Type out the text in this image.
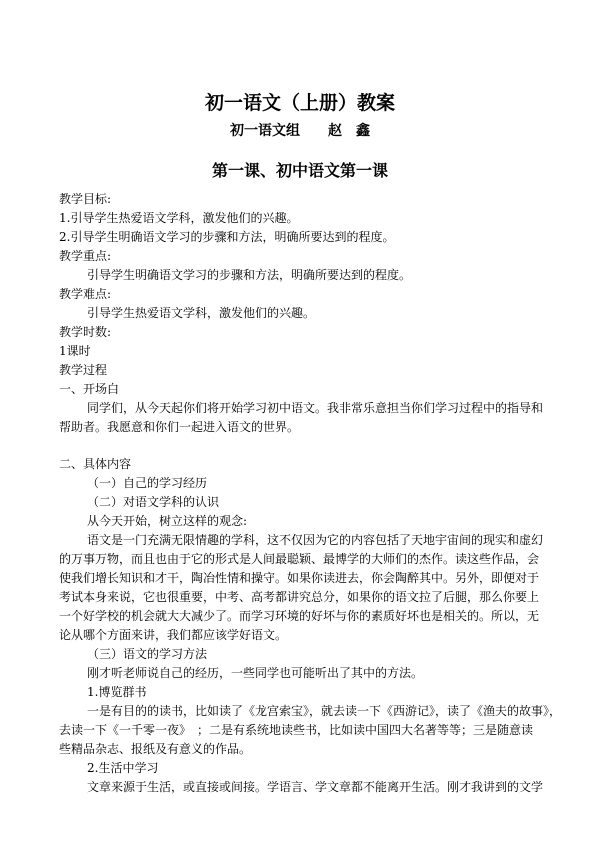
初一语文（上册）教案
初一语文组　　赵　鑫
第一课、初中语文第一课
教学目标:
1.引导学生热爱语文学科，激发他们的兴趣。
2.引导学生明确语文学习的步骤和方法，明确所要达到的程度。
教学重点:
引导学生明确语文学习的步骤和方法，明确所要达到的程度。
教学难点:
引导学生热爱语文学科，激发他们的兴趣。
教学时数:
1课时
教学过程
一、开场白
同学们，从今天起你们将开始学习初中语文。我非常乐意担当你们学习过程中的指导和
帮助者。我愿意和你们一起进入语文的世界。
二、具体内容
（一）自己的学习经历
（二）对语文学科的认识
从今天开始，树立这样的观念:
语文是一门充满无限情趣的学科，这不仅因为它的内容包括了天地宇宙间的现实和虚幻
的万事万物，而且也由于它的形式是人间最聪颖、最博学的大师们的杰作。读这些作品，会
使我们增长知识和才干，陶冶性情和操守。如果你读进去，你会陶醉其中。另外，即便对于
考试本身来说，它也很重要，中考、高考都讲究总分，如果你的语文拉了后腿，那么你要上
一个好学校的机会就大大减少了。而学习环境的好坏与你的素质好坏也是相关的。所以，无
论从哪个方面来讲，我们都应该学好语文。
（三）语文的学习方法
刚才听老师说自己的经历，一些同学也可能听出了其中的方法。
1.博览群书
一是有目的的读书，比如读了《龙宫索宝》，就去读一下《西游记》，读了《渔夫的故事》，
去读一下《一千零一夜》　；二是有系统地读些书，比如读中国四大名著等等；三是随意读
些精品杂志、报纸及有意义的作品。
2.生活中学习
文章来源于生活，或直接或间接。学语言、学文章都不能离开生活。刚才我讲到的文学
